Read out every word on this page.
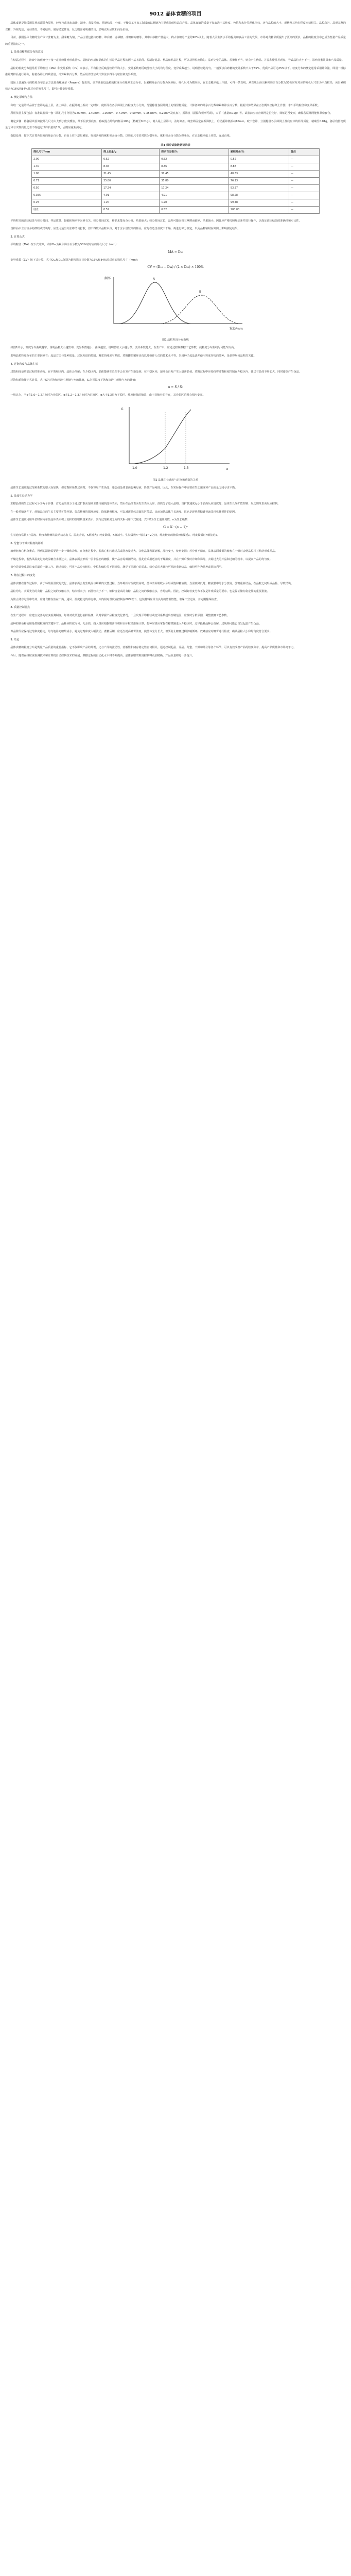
9012 晶体食糖的项目

晶体食糖是指采用甘蔗或甜菜为原料，经压榨或渗出取汁、清净、蒸发浓缩、煮糖结晶、分蜜、干燥等工序加工制成的以蔗糖为主要成分的结晶体产品。晶体食糖的质量不仅取决于其纯度、色值和水分等理化指标，还与晶粒的大小、形状及其均匀程度密切相关。晶粒均匀、晶形完整的食糖，外观光洁，流动性好，不易结块，储存稳定性高；反之则容易吸潮结块，影响食用品质和商品价值。

目前，我国晶体食糖的生产以甘蔗糖为主，甜菜糖为辅，产品主要包括白砂糖、绵白糖、赤砂糖、冰糖和方糖等。其中白砂糖产量最大，约占食糖总产量的90%以上。随着人民生活水平的提高和食品工业的发展，市场对食糖品质提出了更高的要求，晶粒的粒度分布已成为衡量产品质量的重要指标之一。

1. 晶体食糖粒度分布的意义

在结晶过程中，溶液中的蔗糖分子按一定规律排列形成晶体。晶核的形成和晶体的生长是结晶过程的两个基本阶段。控制好起晶、整晶和养晶过程，可以获得粒度均匀、晶形完整的晶体。若操作不当，则会产生伪晶、并晶和聚晶等现象，导致晶粒大小不一，影响分蜜效果和产品质量。

晶粒的粒度分布通常用平均粒径（MA）和变异系数（CV）来表示。平均粒径反映晶粒的平均大小，变异系数则反映晶粒大小的均匀程度。变异系数越小，说明晶粒越均匀。一般要求白砂糖的变异系数不大于35%，优质产品可达25%以下。粒度分布的测定通常采用筛分法，即用一组标准筛对样品进行筛分，称量各筛上的残留量，计算累积百分数，然后用作图法或计算法求得平均粒径和变异系数。

国际上普遍采用的粒度分布表示方法是由鲍威尔（Powers）提出的，该方法假设晶粒的粒度分布服从正态分布，以累积筛余百分数为纵坐标、筛孔尺寸为横坐标，在正态概率纸上作图，可得一条直线。从直线上读出累积筛余百分数为50%时所对应的筛孔尺寸即为平均粒径，读出累积筛余为16%和84%时对应的筛孔尺寸，即可计算变异系数。

2. 测定原理与方法

称取一定量的样品置于套筛的最上层，盖上筛盖，在振筛机上振动一定时间，使样品在各层筛网上按粒度大小分离。分别称量各层筛网上的残留物质量，计算各筛的筛余百分数和累积筛余百分数。根据计算结果在正态概率坐标纸上作图，求出平均粒径和变异系数。

所用仪器主要包括：标准试验筛一套（筛孔尺寸分别为2.00mm、1.40mm、1.00mm、0.71mm、0.50mm、0.355mm、0.25mm及底盘），振筛机（振幅和频率可调），天平（感量0.01g）等。试验前应检查筛网是否完好，筛框是否变形，确保各层筛网能够紧密套合。

测定步骤：将各层试验筛按筛孔尺寸由大到小依次叠放，最下层放置底盘。称取混合均匀的样品100g（精确至0.01g），倒入最上层筛中，盖好筛盖。将套筛固定在振筛机上，启动振筛机振动10min。取下套筛，分别称量各层筛网上及底盘中的样品质量，精确至0.01g。各层残留物质量之和与试样质量之差不得超过试样质量的1%，否则应重新测定。

数据处理：按下式计算各层筛的筛余百分数，再由上往下逐层累加，得到各筛的累积筛余百分数。以筛孔尺寸的对数为横坐标、累积筛余百分数为纵坐标，在正态概率纸上作图，连成直线。

表1 筛分试验数据记录表
筛孔尺寸/mm	筛上质量/g	筛余百分数/%	累积筛余/%	备注
2.00	0.52	0.52	0.52	—
1.40	8.36	8.36	8.88	—
1.00	31.45	31.45	40.33	—
0.71	35.80	35.80	76.13	—
0.50	17.24	17.24	93.37	—
0.355	4.91	4.91	98.28	—
0.25	1.20	1.20	99.48	—
底盘	0.52	0.52	100.00	—

平均粒径的测定结果与筛分时间、样品质量、振幅和频率等因素有关。筛分时间过短，样品未能充分分离，结果偏大；筛分时间过长，晶粒可能因相互摩擦而破碎，结果偏小。因此应严格按照规定条件进行操作，以保证测定结果的准确性和可比性。

当样品中含有较多的细粉或结块时，应先用适当方法将结块打散，但不得破坏晶粒本身。对于含水量较高的样品，应先在适当温度下干燥，再进行筛分测定，以免晶粒粘附在筛网上影响测定结果。

3. 计算公式

平均粒径（MA）按下式计算，式中D₅₀为累积筛余百分数为50%时对应的筛孔尺寸（mm）：

MA = D₅₀

变异系数（CV）按下式计算，式中D₁₆和D₈₄分别为累积筛余百分数为16%和84%时对应的筛孔尺寸（mm）：

CV = (D₁₆ − D₈₄) / (2 × D₅₀) × 100%
频率
粒径/mm
A
B
图1 晶粒粒度分布曲线

如图1所示，粒度分布曲线越窄，说明晶粒大小越集中，变异系数越小；曲线越宽，说明晶粒大小越分散，变异系数越大。在生产中，应通过控制煮糖工艺参数，使粒度分布曲线尽可能窄而高。

影响晶粒粒度分布的主要因素有：起晶方法与晶种质量、过饱和度的控制、糖浆的纯度与粘度、煮糖罐的循环状况以及操作人员的技术水平等。采用种子起晶法并使用粒度均匀的晶种，是获得均匀晶粒的关键。

4. 过饱和度与晶体生长

过饱和度是结晶过程的推动力。在不饱和区内，晶体会溶解；在介稳区内，晶体能够生长但不会自发产生新晶核；在不稳区内，溶液会自发产生大量新晶核。煮糖过程中应始终将过饱和度控制在介稳区内，使已有晶体不断长大，同时避免产生伪晶。

过饱和系数按下式计算，式中S为过饱和溶液中蔗糖与水的比值，S₀为同温度下饱和溶液中蔗糖与水的比值：

α = S / S₀

一般认为，当α在1.0～1.2之间时为介稳区，α在1.2～1.3之间时为过渡区，α大于1.3时为不稳区。纯度较低的糖浆，由于非糖分的存在，其介稳区范围会相应变宽。

G
α
1.0	1.2	1.3
图2 晶体生长速度与过饱和系数的关系

晶体生长速度随过饱和系数的增大而加快，但过饱和系数过高时，不仅容易产生伪晶，还会使晶体表面包裹母液，降低产品纯度。因此，在实际操作中需要在生长速度和产品质量之间寻求平衡。

5. 晶体生长动力学

蔗糖晶体的生长过程可分为两个步骤：首先是溶质分子通过扩散从溶液主体传递到晶体表面，然后在晶体表面发生表面反应，溶质分子进入晶格。当扩散速度远小于表面反应速度时，晶体生长受扩散控制；反之则受表面反应控制。

在一般煮糖条件下，蔗糖晶体的生长主要受扩散控制。提高糖膏的循环速度、降低糖膏粘度，可以减薄晶体表面的扩散层，从而加快晶体生长速度。这也是现代煮糖罐普遍采用机械搅拌的原因。

晶体生长速度可用单位时间内单位晶体表面积上沉积的蔗糖质量来表示，其与过饱和度之间的关系可用下式描述，式中K为生长速度常数，n为生长级数：

G = K · (α − 1)ⁿ

生长速度常数K与温度、纯度和糖膏的流动状态有关。温度升高，K值增大；纯度降低，K值减小。生长级数n一般在1～2之间，纯度较高的糖浆n值接近1，纯度较低时n值接近2。

6. 分蜜与干燥对粒度的影响

糖膏经离心机分蜜后，得到的湿糖需要进一步干燥和冷却。在分蜜过程中，若离心机转速过高或洗水量过大，会使晶体表面溶解，晶粒变小，棱角变圆；若分蜜不彻底，晶体表面残留的糖蜜在干燥时会使晶粒相互粘结形成并晶。

干燥过程中，若热风温度过高或湿糖含水量过大，晶体表面会形成一层非晶态的糖膜，使产品容易吸潮结块。因此应采用适宜的干燥温度，并在干燥后及时冷却和筛分，去除过大的并晶和过细的粉末，以提高产品的均匀度。

筛分是调整成品粒度的最后一道工序。通过筛分，可将产品分为粗粒、中粒和细粒等不同规格，满足不同用户的需求。筛分后的大颗粒可回溶重新结晶，细粉可作为晶种或回溶利用。

7. 储存过程中的变化

晶体食糖在储存过程中，由于环境温湿度的变化，晶体表面会发生吸湿与解吸的交替过程。当环境相对湿度较高时，晶体表面吸收水分形成饱和糖液膜；当湿度降低时，糖液膜中的水分蒸发，蔗糖重新结晶，在晶粒之间形成晶桥，导致结块。

晶粒均匀、表面光洁的食糖，晶粒之间的接触点少，结块倾向小；而晶粒大小不一、细粉含量高的食糖，晶粒之间的接触点多，容易结块。因此，控制好粒度分布不仅是外观质量的要求，也是保证储存稳定性的重要措施。

为防止储存过程中结块，应将食糖存放在干燥、通风、温度稳定的库房中，库内相对湿度宜控制在60%以下。包装材料应具有良好的防潮性能，堆垛不宜过高，并定期翻垛检查。

8. 质量控制要点

在生产过程中，应建立完善的粒度检测制度，每班对成品进行抽样检测，及时掌握产品粒度变化情况。一旦发现平均粒径或变异系数超出控制范围，应及时分析原因，调整煮糖工艺参数。

晶种的制备和使用是控制粒度的关键环节。晶种应粒度均匀、无杂质，投入量应根据糖膏体积和目标粒径准确计算。投种时机应掌握在糖浆刚进入介稳区时，过早投种晶种会溶解，过晚则可能已自发起晶产生伪晶。

养晶阶段应保持过饱和度稳定，均匀地补充糖浆或水，避免过饱和度大幅波动。煮糖后期，应适当提高糖膏浓度，使晶体充分长大，但要防止糖膏过稠影响循环。放罐前应对糖膏进行检查，确认晶粒大小和均匀度符合要求。

9. 结论

晶体食糖的粒度分布是衡量产品质量的重要指标，它不仅影响产品的外观，还与产品的流动性、溶解性和储存稳定性密切相关。通过控制起晶、养晶、分蜜、干燥和筛分等各个环节，可以有效改善产品的粒度分布，提高产品质量和市场竞争力。

今后，随着在线粒度检测技术和计算机自动控制技术的发展，煮糖过程的自动化水平将不断提高，晶体食糖的粒度控制将更加精确，产品质量将进一步提升。
